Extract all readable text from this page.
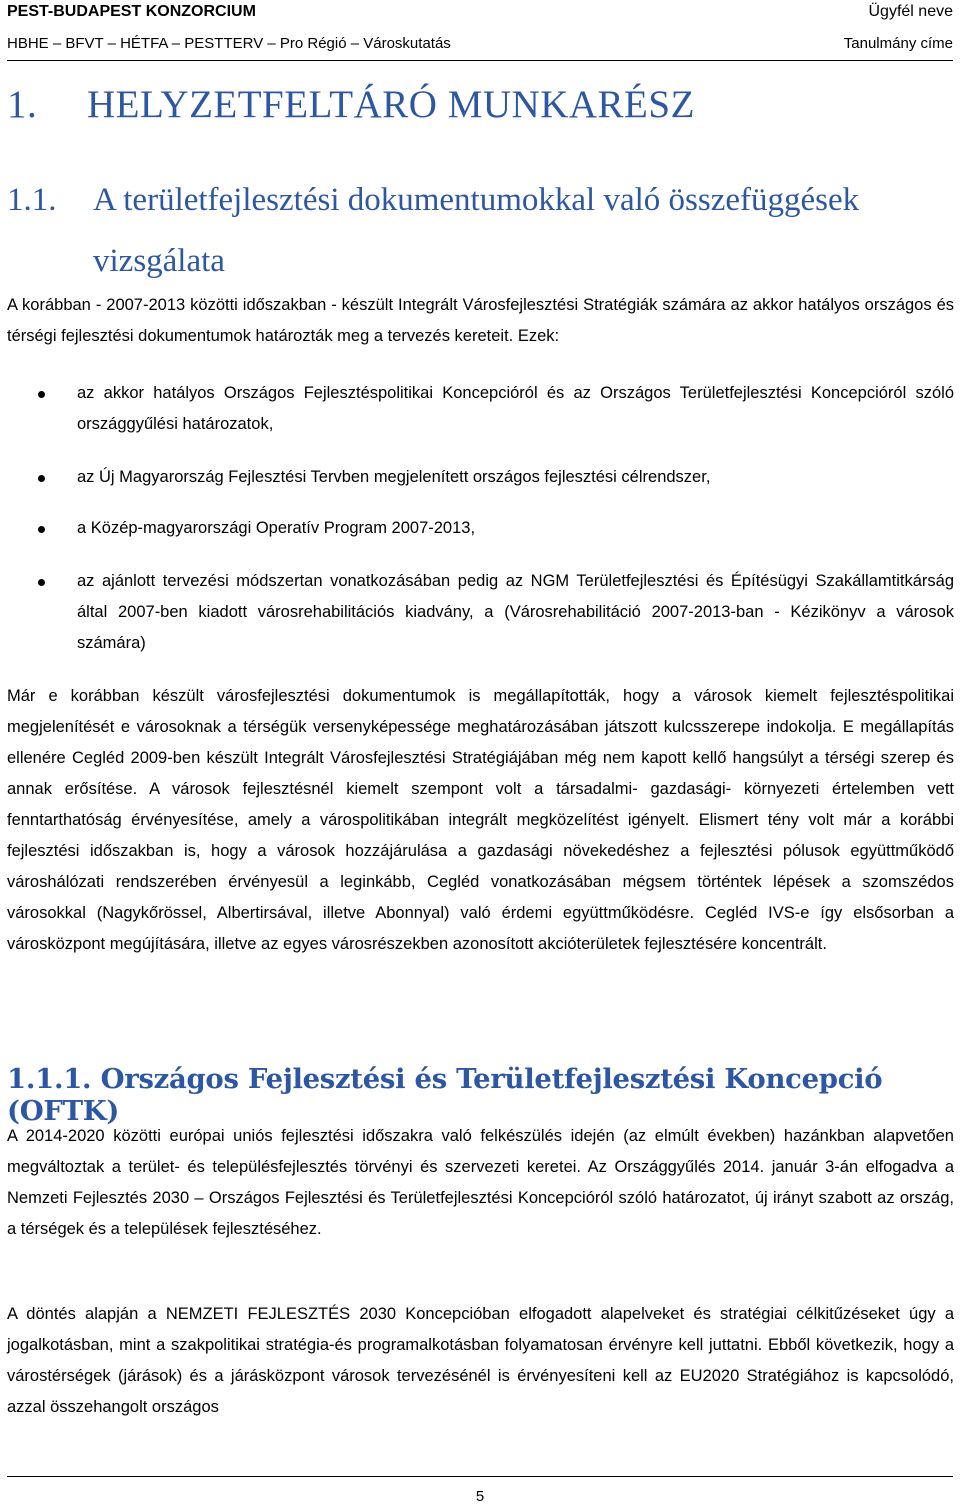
PEST-BUDAPEST KONZORCIUM	Ügyfél neve
HBHE – BFVT – HÉTFA – PESTTERV – Pro Régió – Városkutatás	Tanulmány címe
1. HELYZETFELTÁRÓ MUNKARÉSZ
1.1. A területfejlesztési dokumentumokkal való összefüggések vizsgálata
A korábban - 2007-2013 közötti időszakban - készült Integrált Városfejlesztési Stratégiák számára az akkor hatályos országos és térségi fejlesztési dokumentumok határozták meg a tervezés kereteit. Ezek:
az akkor hatályos Országos Fejlesztéspolitikai Koncepcióról és az Országos Területfejlesztési Koncepcióról szóló országgyűlési határozatok,
az Új Magyarország Fejlesztési Tervben megjelenített országos fejlesztési célrendszer,
a Közép-magyarországi Operatív Program 2007-2013,
az ajánlott tervezési módszertan vonatkozásában pedig az NGM Területfejlesztési és Építésügyi Szakállamtitkárság által 2007-ben kiadott városrehabilitációs kiadvány, a (Városrehabilitáció 2007-2013-ban - Kézikönyv a városok számára)
Már e korábban készült városfejlesztési dokumentumok is megállapították, hogy a városok kiemelt fejlesztéspolitikai megjelenítését e városoknak a térségük versenyképessége meghatározásában játszott kulcsszerepe indokolja. E megállapítás ellenére Cegléd 2009-ben készült Integrált Városfejlesztési Stratégiájában még nem kapott kellő hangsúlyt a térségi szerep és annak erősítése. A városok fejlesztésnél kiemelt szempont volt a társadalmi- gazdasági- környezeti értelemben vett fenntarthatóság érvényesítése, amely a várospolitikában integrált megközelítést igényelt. Elismert tény volt már a korábbi fejlesztési időszakban is, hogy a városok hozzájárulása a gazdasági növekedéshez a fejlesztési pólusok együttműködő városhálózati rendszerében érvényesül a leginkább, Cegléd vonatkozásában mégsem történtek lépések a szomszédos városokkal (Nagykőrössel, Albertirsával, illetve Abonnyal) való érdemi együttműködésre. Cegléd IVS-e így elsősorban a városközpont megújítására, illetve az egyes városrészekben azonosított akcióterületek fejlesztésére koncentrált.
1.1.1. Országos Fejlesztési és Területfejlesztési Koncepció (OFTK)
A 2014-2020 közötti európai uniós fejlesztési időszakra való felkészülés idején (az elmúlt években) hazánkban alapvetően megváltoztak a terület- és településfejlesztés törvényi és szervezeti keretei. Az Országgyűlés 2014. január 3-án elfogadva a Nemzeti Fejlesztés 2030 – Országos Fejlesztési és Területfejlesztési Koncepcióról szóló határozatot, új irányt szabott az ország, a térségek és a települések fejlesztéséhez.
A döntés alapján a NEMZETI FEJLESZTÉS 2030 Koncepcióban elfogadott alapelveket és stratégiai célkitűzéseket úgy a jogalkotásban, mint a szakpolitikai stratégia-és programalkotásban folyamatosan érvényre kell juttatni. Ebből következik, hogy a várostérségek (járások) és a járásközpont városok tervezésénél is érvényesíteni kell az EU2020 Stratégiához is kapcsolódó, azzal összehangolt országos
5
